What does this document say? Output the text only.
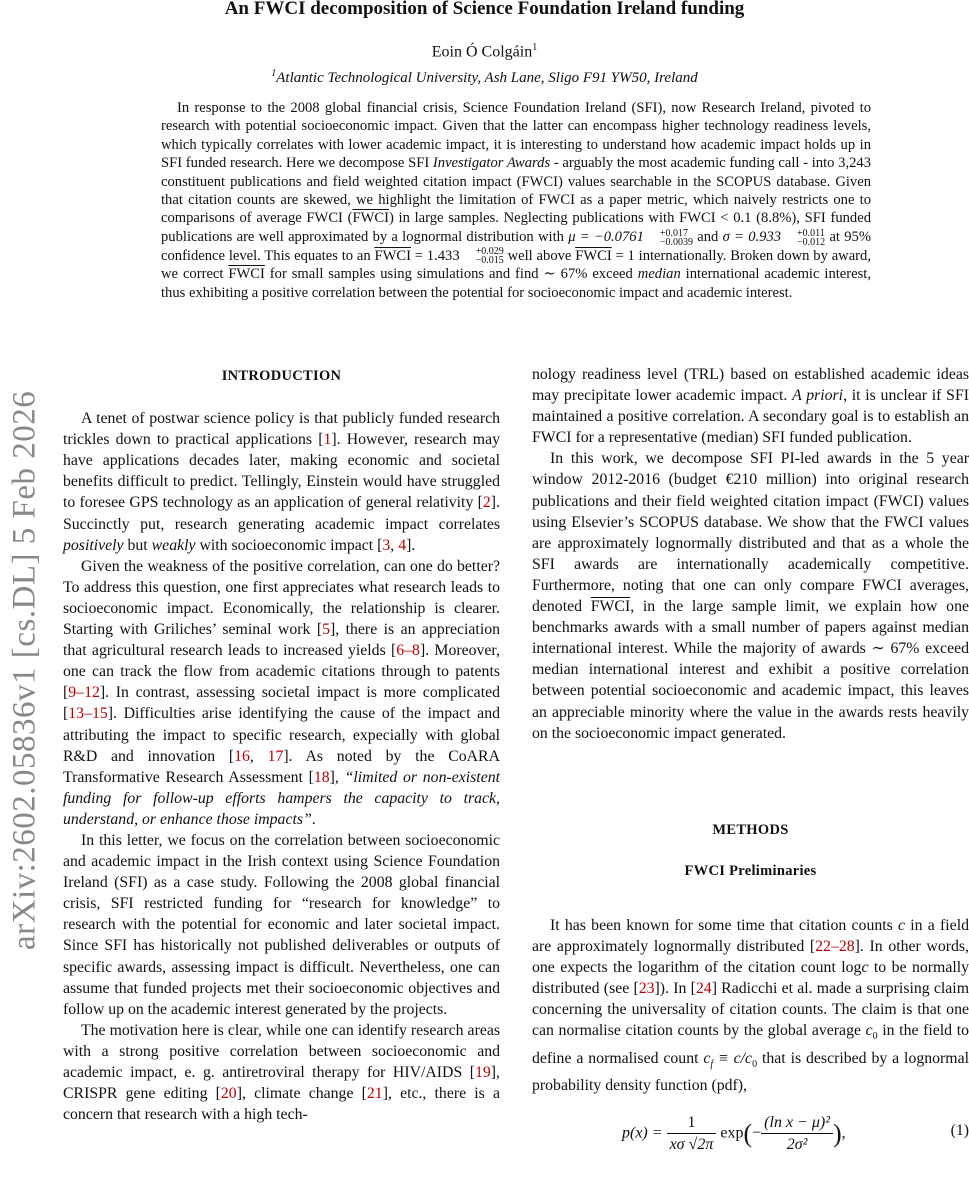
arXiv:2602.05836v1 [cs.DL] 5 Feb 2026
An FWCI decomposition of Science Foundation Ireland funding
Eoin Ó Colgáin$^1$
$^1$Atlantic Technological University, Ash Lane, Sligo F91 YW50, Ireland

In response to the 2008 global financial crisis, Science Foundation Ireland (SFI), now Research Ireland, pivoted to research with potential socioeconomic impact. Given that the latter can encompass higher technology readiness levels, which typically correlates with lower academic impact, it is interesting to understand how academic impact holds up in SFI funded research. Here we decompose SFI Investigator Awards - arguably the most academic funding call - into 3,243 constituent publications and field weighted citation impact (FWCI) values searchable in the SCOPUS database. Given that citation counts are skewed, we highlight the limitation of FWCI as a paper metric, which naively restricts one to comparisons of average FWCI (FWCI) in large samples. Neglecting publications with FWCI < 0.1 (8.8%), SFI funded publications are well approximated by a lognormal distribution with μ = −0.0761	+0.017
−0.0039 and σ = 0.933	+0.011
−0.012 at 95% confidence level. This equates to an FWCI = 1.433	+0.029
−0.015 well above FWCI = 1 internationally. Broken down by award, we correct FWCI for small samples using simulations and find ∼ 67% exceed median international academic interest, thus exhibiting a positive correlation between the potential for socioeconomic impact and academic interest.

INTRODUCTION

A tenet of postwar science policy is that publicly funded research trickles down to practical applications [1]. However, research may have applications decades later, making economic and societal benefits difficult to predict. Tellingly, Einstein would have struggled to foresee GPS technology as an application of general relativity [2]. Succinctly put, research generating academic impact correlates positively but weakly with socioeconomic impact [3, 4].

Given the weakness of the positive correlation, can one do better? To address this question, one first appreciates what research leads to socioeconomic impact. Economically, the relationship is clearer. Starting with Griliches’ seminal work [5], there is an appreciation that agricultural research leads to increased yields [6–8]. Moreover, one can track the flow from academic citations through to patents [9–12]. In contrast, assessing societal impact is more complicated [13–15]. Difficulties arise identifying the cause of the impact and attributing the impact to specific research, expecially with global R&D and innovation [16, 17]. As noted by the CoARA Transformative Research Assessment [18], “limited or non-existent funding for follow-up efforts hampers the capacity to track, understand, or enhance those impacts”.

In this letter, we focus on the correlation between socioeconomic and academic impact in the Irish context using Science Foundation Ireland (SFI) as a case study. Following the 2008 global financial crisis, SFI restricted funding for “research for knowledge” to research with the potential for economic and later societal impact. Since SFI has historically not published deliverables or outputs of specific awards, assessing impact is difficult. Nevertheless, one can assume that funded projects met their socioeconomic objectives and follow up on the academic interest generated by the projects.

The motivation here is clear, while one can identify research areas with a strong positive correlation between socioeconomic and academic impact, e. g. antiretroviral therapy for HIV/AIDS [19], CRISPR gene editing [20], climate change [21], etc., there is a concern that research with a high tech-

nology readiness level (TRL) based on established academic ideas may precipitate lower academic impact. A priori, it is unclear if SFI maintained a positive correlation. A secondary goal is to establish an FWCI for a representative (median) SFI funded publication.

In this work, we decompose SFI PI-led awards in the 5 year window 2012-2016 (budget €210 million) into original research publications and their field weighted citation impact (FWCI) values using Elsevier’s SCOPUS database. We show that the FWCI values are approximately lognormally distributed and that as a whole the SFI awards are internationally academically competitive. Furthermore, noting that one can only compare FWCI averages, denoted FWCI, in the large sample limit, we explain how one benchmarks awards with a small number of papers against median international interest. While the majority of awards ∼ 67% exceed median international interest and exhibit a positive correlation between potential socioeconomic and academic impact, this leaves an appreciable minority where the value in the awards rests heavily on the socioeconomic impact generated.

METHODS
FWCI Preliminaries

It has been known for some time that citation counts c in a field are approximately lognormally distributed [22–28]. In other words, one expects the logarithm of the citation count logc to be normally distributed (see [23]). In [24] Radicchi et al. made a surprising claim concerning the universality of citation counts. The claim is that one can normalise citation counts by the global average $c_0$ in the field to define a normalised count $c_f \equiv c/c_0$ that is described by a lognormal probability density function (pdf),

$p(x) = \frac{1}{x\sigma √2\pi} \exp(- \frac{\text{(ln x − μ)²}}{\text{2σ²}}$ ),	(1)
